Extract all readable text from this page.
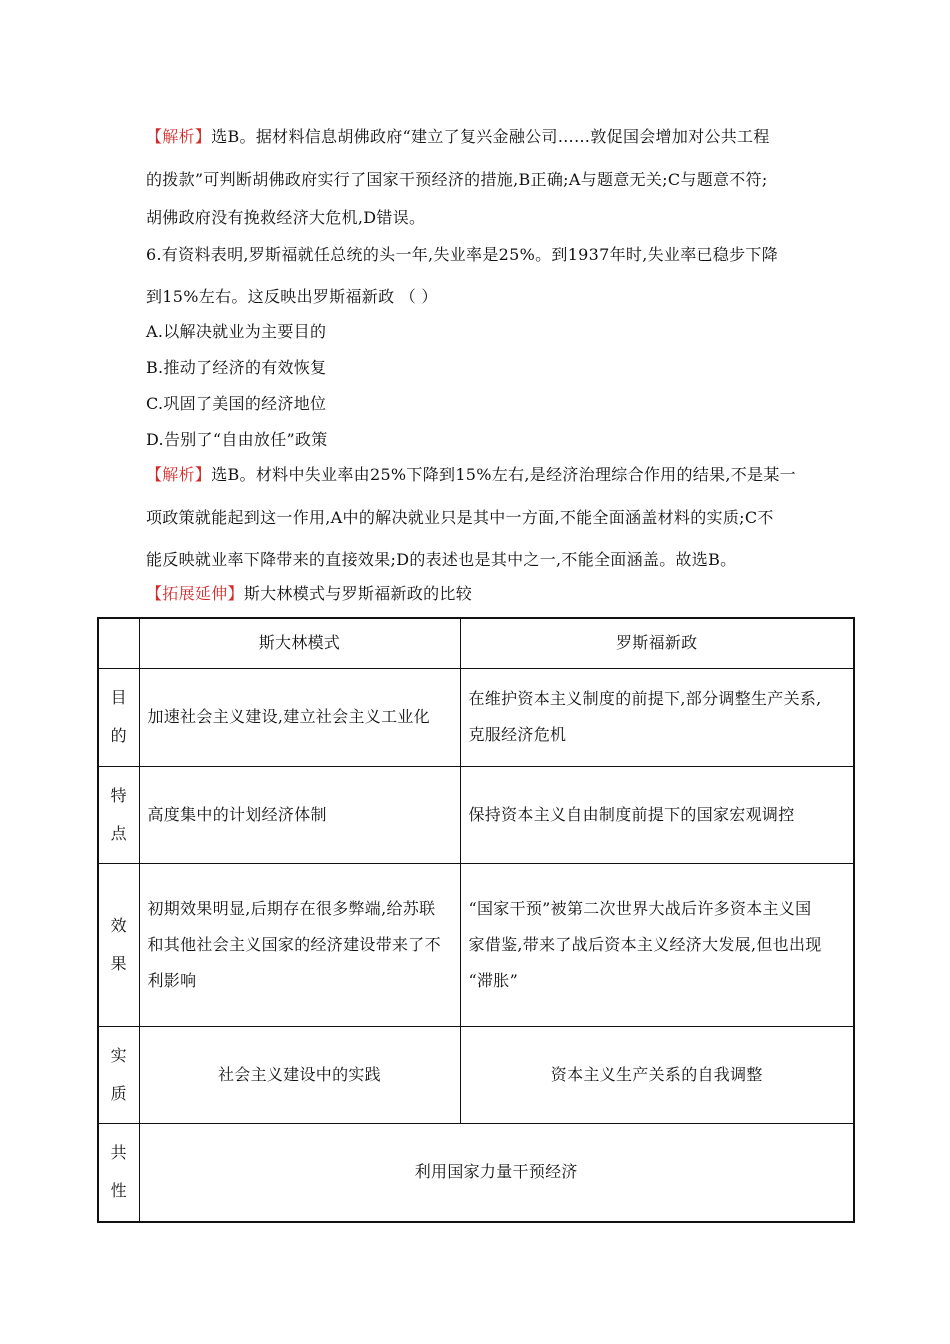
【解析】选B。据材料信息胡佛政府“建立了复兴金融公司……敦促国会增加对公共工程
的拨款”可判断胡佛政府实行了国家干预经济的措施,B正确;A与题意无关;C与题意不符;
胡佛政府没有挽救经济大危机,D错误。
6.有资料表明,罗斯福就任总统的头一年,失业率是25%。到1937年时,失业率已稳步下降
到15%左右。这反映出罗斯福新政 （ ）
A.以解决就业为主要目的
B.推动了经济的有效恢复
C.巩固了美国的经济地位
D.告别了“自由放任”政策
【解析】选B。材料中失业率由25%下降到15%左右,是经济治理综合作用的结果,不是某一
项政策就能起到这一作用,A中的解决就业只是其中一方面,不能全面涵盖材料的实质;C不
能反映就业率下降带来的直接效果;D的表述也是其中之一,不能全面涵盖。故选B。
【拓展延伸】斯大林模式与罗斯福新政的比较
	斯大林模式	罗斯福新政

目
的	加速社会主义建设,建立社会主义工业化	在维护资本主义制度的前提下,部分调整生产关系,
克服经济危机

特
点	高度集中的计划经济体制	保持资本主义自由制度前提下的国家宏观调控

效
果	初期效果明显,后期存在很多弊端,给苏联
和其他社会主义国家的经济建设带来了不
利影响	“国家干预”被第二次世界大战后许多资本主义国
家借鉴,带来了战后资本主义经济大发展,但也出现
“滞胀”

实
质	社会主义建设中的实践	资本主义生产关系的自我调整

共
性	利用国家力量干预经济	
